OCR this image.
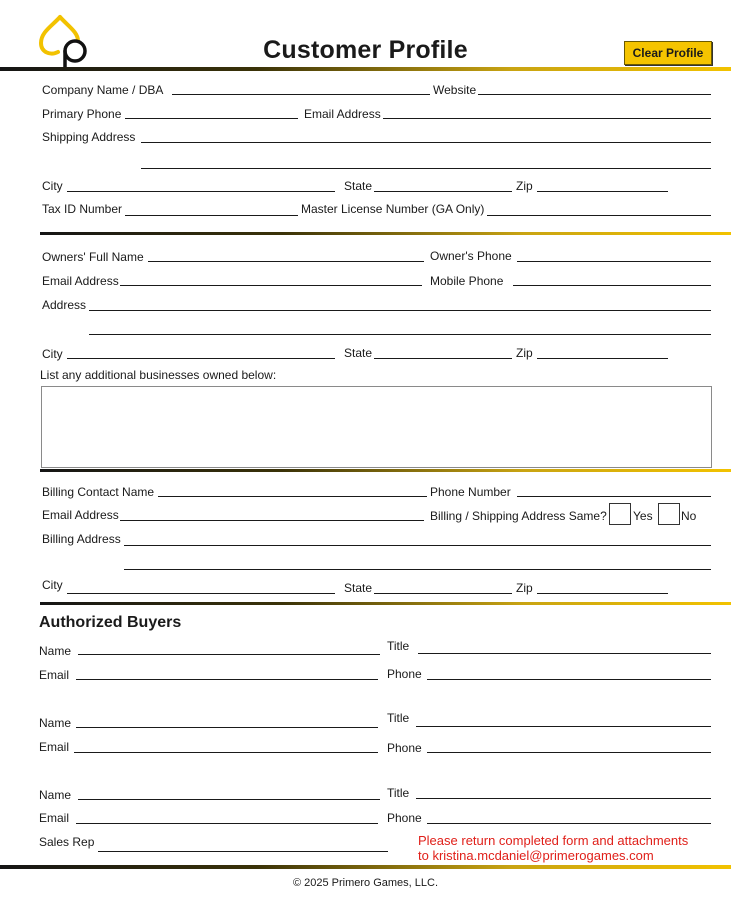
Customer Profile	Clear Profile
Company Name / DBA	Website
Primary Phone	Email Address
Shipping Address
City	State	Zip
Tax ID Number	Master License Number (GA Only)
Owners' Full Name	Owner's Phone
Email Address	Mobile Phone
Address
City	State	Zip
List any additional businesses owned below:
Billing Contact Name	Phone Number
Email Address	Billing / Shipping Address Same? Yes No
Billing Address
City	State	Zip
Authorized Buyers
Name	Title
Email	Phone
Name	Title
Email	Phone
Name	Title
Email	Phone
Sales Rep	Please return completed form and attachments
to kristina.mcdaniel@primerogames.com
© 2025 Primero Games, LLC.
